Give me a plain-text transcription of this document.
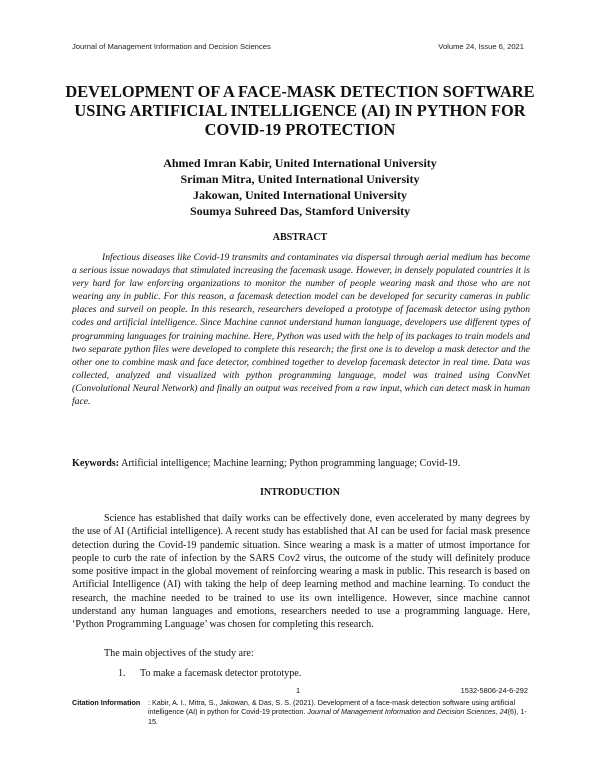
Journal of Management Information and Decision Sciences	Volume 24, Issue 6, 2021
DEVELOPMENT OF A FACE-MASK DETECTION SOFTWARE USING ARTIFICIAL INTELLIGENCE (AI) IN PYTHON FOR COVID-19 PROTECTION
Ahmed Imran Kabir, United International University
Sriman Mitra, United International University
Jakowan, United International University
Soumya Suhreed Das, Stamford University
ABSTRACT

Infectious diseases like Covid-19 transmits and contaminates via dispersal through aerial medium has become a serious issue nowadays that stimulated increasing the facemask usage. However, in densely populated countries it is very hard for law enforcing organizations to monitor the number of people wearing mask and those who are not wearing any in public. For this reason, a facemask detection model can be developed for security cameras in public places and surveil on people. In this research, researchers developed a prototype of facemask detector using python codes and artificial intelligence. Since Machine cannot understand human language, developers use different types of programming languages for training machine. Here, Python was used with the help of its packages to train models and two separate python files were developed to complete this research; the first one is to develop a mask detector and the other one to combine mask and face detector, combined together to develop facemask detector in real time. Data was collected, analyzed and visualized with python programming language, model was trained using ConvNet (Convolutional Neural Network) and finally an output was received from a raw input, which can detect mask in human face.

Keywords: Artificial intelligence; Machine learning; Python programming language; Covid-19.

INTRODUCTION

Science has established that daily works can be effectively done, even accelerated by many degrees by the use of AI (Artificial intelligence). A recent study has established that AI can be used for facial mask presence detection during the Covid-19 pandemic situation. Since wearing a mask is a matter of utmost importance for people to curb the rate of infection by the SARS Cov2 virus, the outcome of the study will definitely produce some positive impact in the global movement of reinforcing wearing a mask in public. This research is based on Artificial Intelligence (AI) with taking the help of deep learning method and machine learning. To conduct the research, the machine needed to be trained to use its own intelligence. However, since machine cannot understand any human languages and emotions, researchers needed to use a programming language. Here, ‘Python Programming Language’ was chosen for completing this research.

The main objectives of the study are:

1. To make a facemask detector prototype.

1	1532-5806-24-6-292
Citation Information : Kabir, A. I., Mitra, S., Jakowan, & Das, S. S. (2021). Development of a face-mask detection software using artificial intelligence (AI) in python for Covid-19 protection. Journal of Management Information and Decision Sciences, 24(6), 1-15.
